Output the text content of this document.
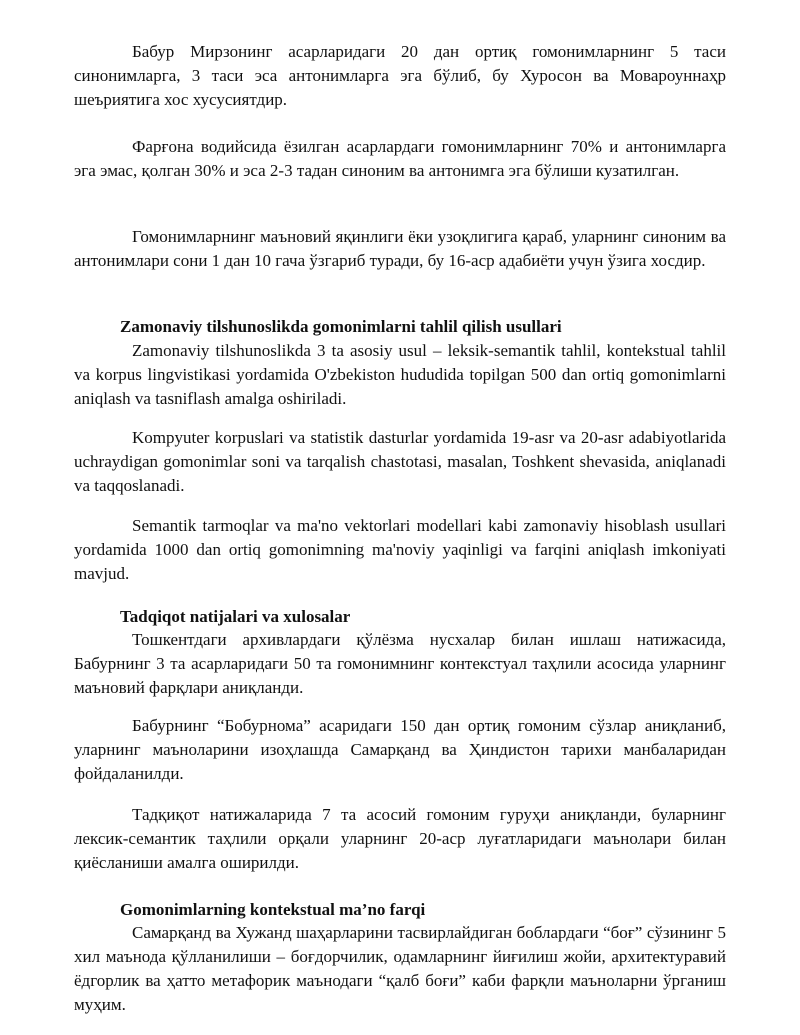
Бабур Мирзонинг асарларидаги 20 дан ортиқ гомонимларнинг 5 таси синонимларга, 3 таси эса антонимларга эга бўлиб, бу Хуросон ва Мовароуннаҳр шеъриятига хос хусусиятдир.

Фарғона водийсида ёзилган асарлардаги гомонимларнинг 70% и антонимларга эга эмас, қолган 30% и эса 2-3 тадан синоним ва антонимга эга бўлиши кузатилган.

Гомонимларнинг маъновий яқинлиги ёки узоқлигига қараб, уларнинг синоним ва антонимлари сони 1 дан 10 гача ўзгариб туради, бу 16-аср адабиёти учун ўзига хосдир.

Zamonaviy tilshunoslikda gomonimlarni tahlil qilish usullari

Zamonaviy tilshunoslikda 3 ta asosiy usul – leksik-semantik tahlil, kontekstual tahlil va korpus lingvistikasi yordamida O'zbekiston hududida topilgan 500 dan ortiq gomonimlarni aniqlash va tasniflash amalga oshiriladi.

Kompyuter korpuslari va statistik dasturlar yordamida 19-asr va 20-asr adabiyotlarida uchraydigan gomonimlar soni va tarqalish chastotasi, masalan, Toshkent shevasida, aniqlanadi va taqqoslanadi.

Semantik tarmoqlar va ma'no vektorlari modellari kabi zamonaviy hisoblash usullari yordamida 1000 dan ortiq gomonimning ma'noviy yaqinligi va farqini aniqlash imkoniyati mavjud.

Tadqiqot natijalari va xulosalar

Тошкентдаги архивлардаги қўлёзма нусхалар билан ишлаш натижасида, Бабурнинг 3 та асарларидаги 50 та гомонимнинг контекстуал таҳлили асосида уларнинг маъновий фарқлари аниқланди.

Бабурнинг “Бобурнома” асаридаги 150 дан ортиқ гомоним сўзлар аниқланиб, уларнинг маъноларини изоҳлашда Самарқанд ва Ҳиндистон тарихи манбаларидан фойдаланилди.

Тадқиқот натижаларида 7 та асосий гомоним гуруҳи аниқланди, буларнинг лексик-семантик таҳлили орқали уларнинг 20-аср луғатларидаги маънолари билан қиёсланиши амалга оширилди.

Gomonimlarning kontekstual ma’no farqi

Самарқанд ва Хужанд шаҳарларини тасвирлайдиган боблардаги “боғ” сўзининг 5 хил маънода қўлланилиши – боғдорчилик, одамларнинг йиғилиш жойи, архитектуравий ёдгорлик ва ҳатто метафорик маънодаги “қалб боғи” каби фарқли маъноларни ўрганиш муҳим.
